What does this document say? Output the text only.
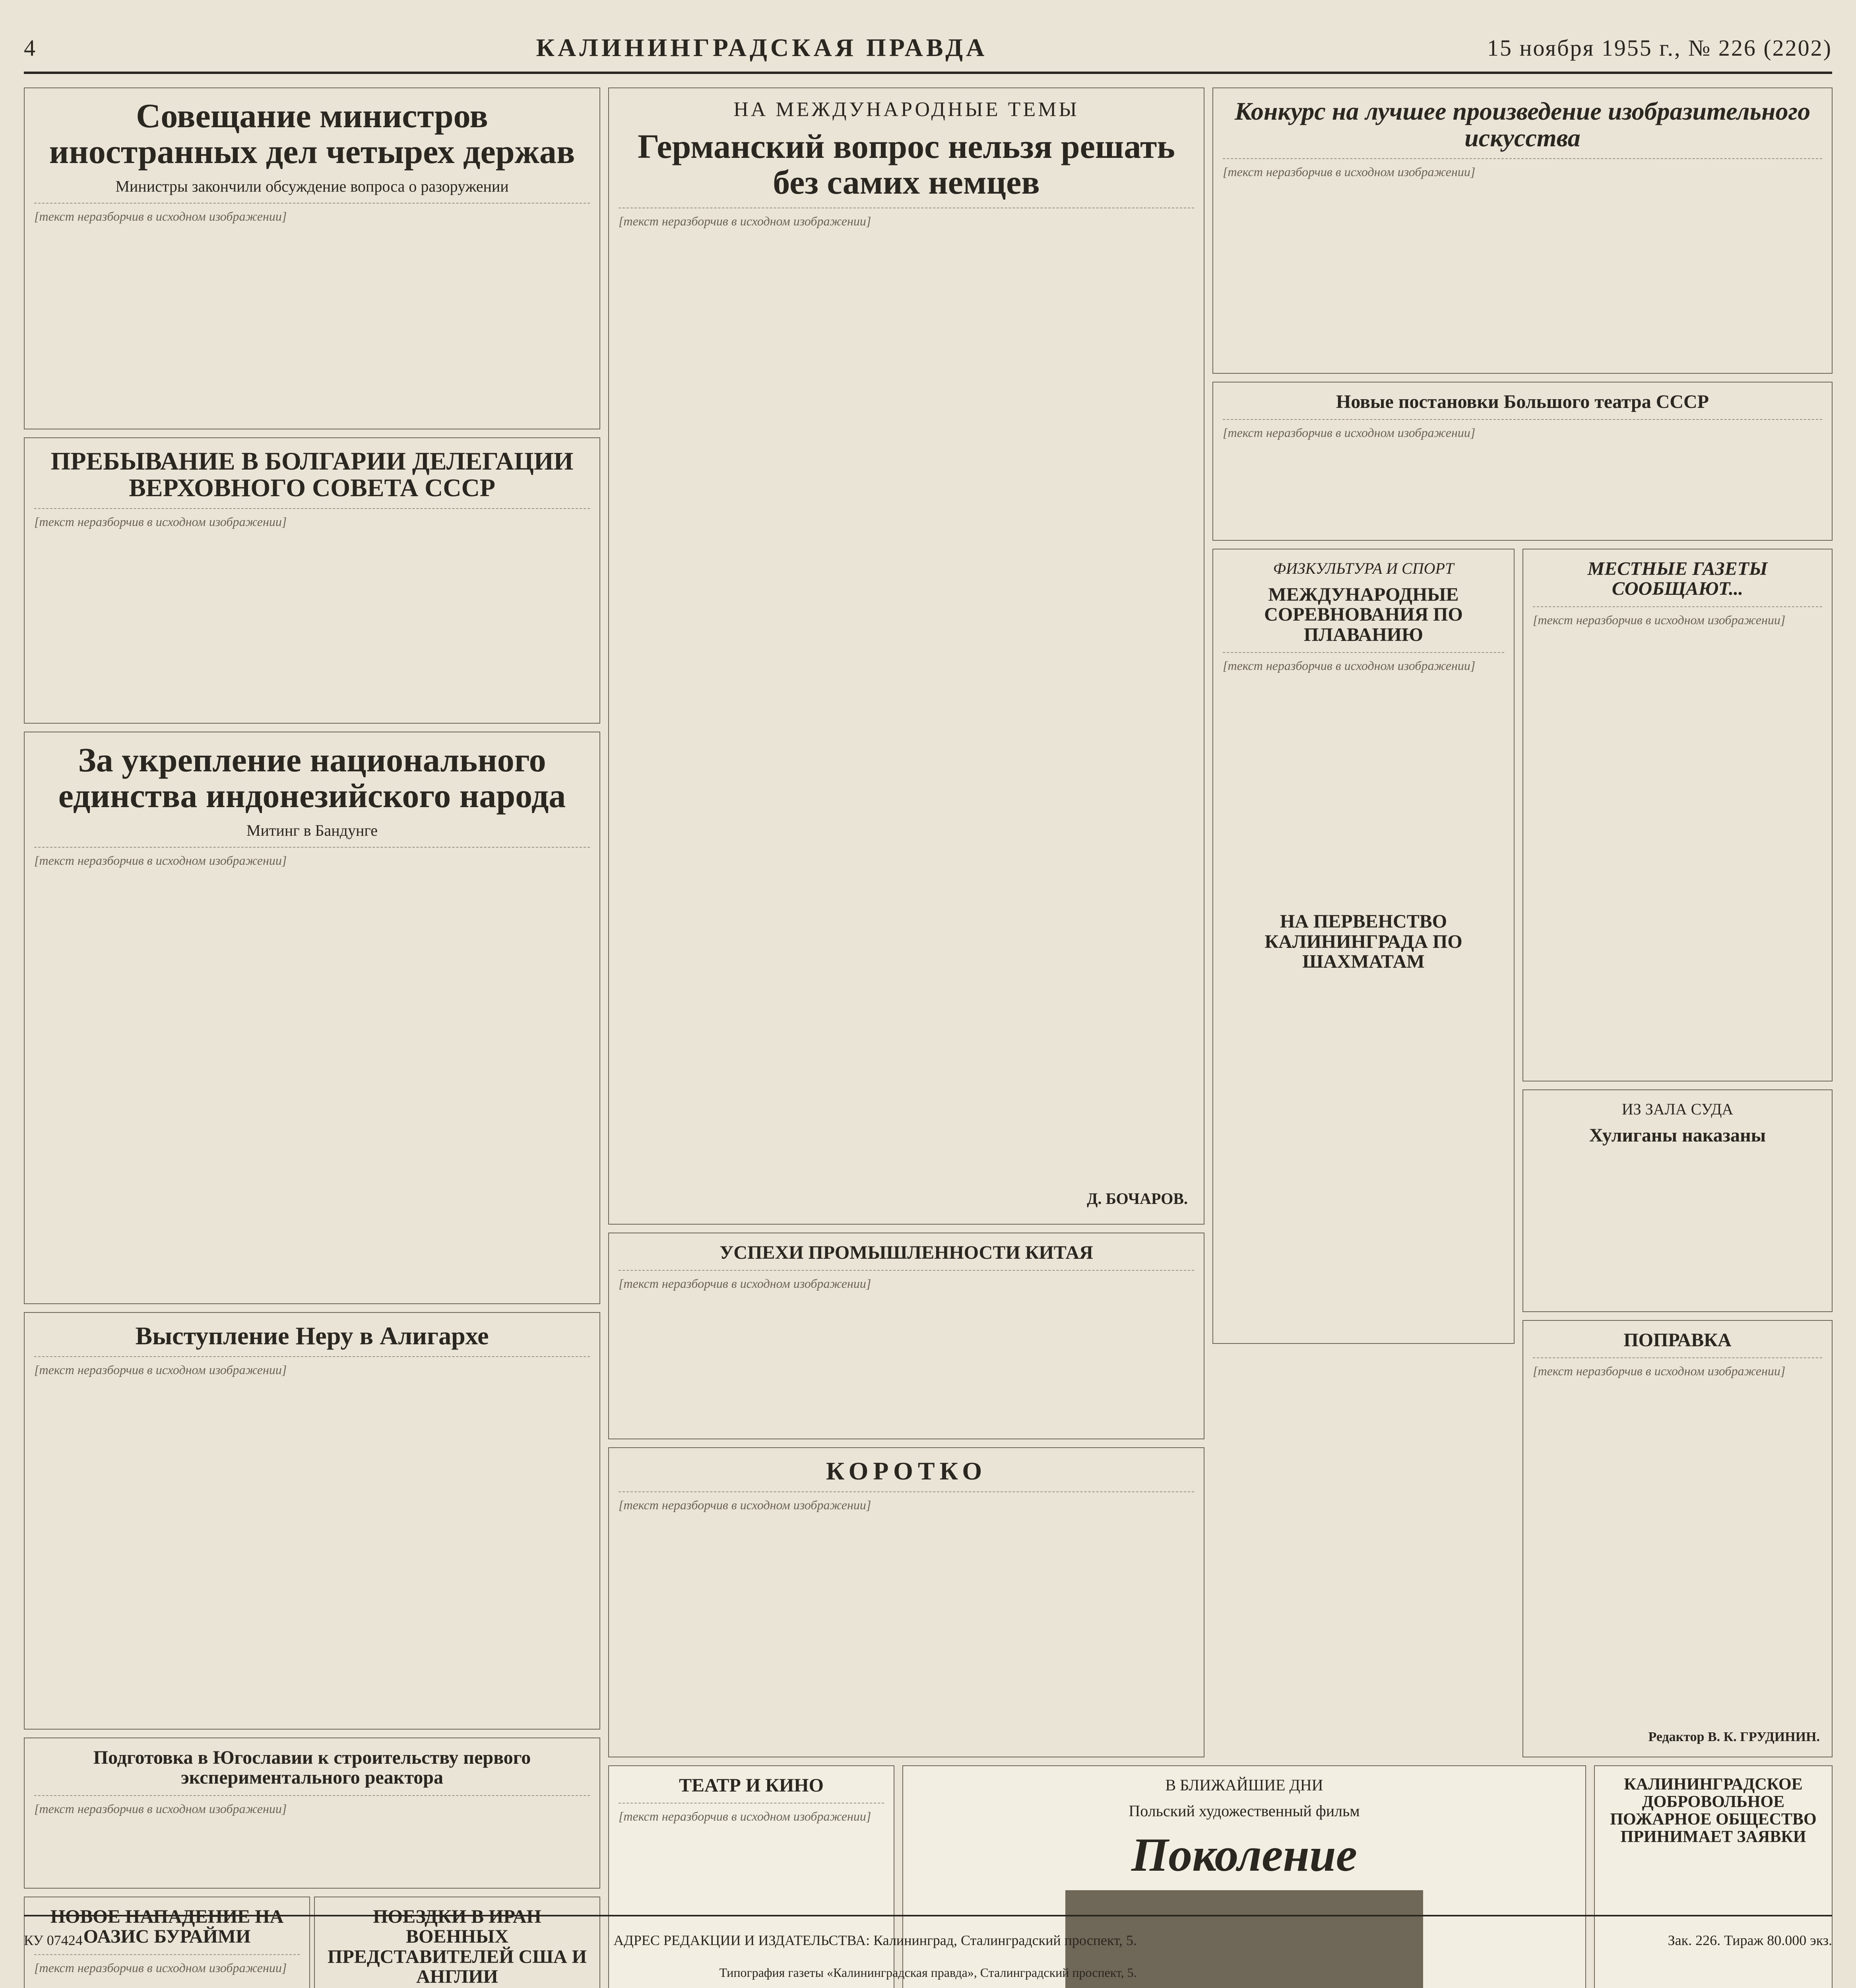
4	КАЛИНИНГРАДСКАЯ ПРАВДА	15 ноября 1955 г., № 226 (2202)
Совещание министров иностранных дел четырех держав
Министры закончили обсуждение вопроса о разоружении
[текст неразборчив в исходном изображении]
ПРЕБЫВАНИЕ В БОЛГАРИИ ДЕЛЕГАЦИИ ВЕРХОВНОГО СОВЕТА СССР
[текст неразборчив в исходном изображении]
За укрепление национального единства индонезийского народа
Митинг в Бандунге
[текст неразборчив в исходном изображении]
Выступление Неру в Алигархе
[текст неразборчив в исходном изображении]
Подготовка в Югославии к строительству первого экспериментального реактора
[текст неразборчив в исходном изображении]
НОВОЕ НАПАДЕНИЕ НА ОАЗИС БУРАЙМИ
[текст неразборчив в исходном изображении]
ПОЕЗДКИ В ИРАН ВОЕННЫХ ПРЕДСТАВИТЕЛЕЙ США И АНГЛИИ
НА МЕЖДУНАРОДНЫЕ ТЕМЫ
Германский вопрос нельзя решать без самих немцев
[текст неразборчив в исходном изображении]
Д. БОЧАРОВ.
УСПЕХИ ПРОМЫШЛЕННОСТИ КИТАЯ
[текст неразборчив в исходном изображении]
КОРОТКО
[текст неразборчив в исходном изображении]
ТЕАТР И КИНО
[текст неразборчив в исходном изображении]
В БЛИЖАЙШИЕ ДНИ
Польский художественный фильм
Поколение
Конкурс на лучшее произведение изобразительного искусства
[текст неразборчив в исходном изображении]
Новые постановки Большого театра СССР
[текст неразборчив в исходном изображении]
ФИЗКУЛЬТУРА И СПОРТ
МЕЖДУНАРОДНЫЕ СОРЕВНОВАНИЯ ПО ПЛАВАНИЮ
[текст неразборчив в исходном изображении]
НА ПЕРВЕНСТВО КАЛИНИНГРАДА ПО ШАХМАТАМ
МЕСТНЫЕ ГАЗЕТЫ СООБЩАЮТ...
[текст неразборчив в исходном изображении]
ИЗ ЗАЛА СУДА
Хулиганы наказаны
ПОПРАВКА
[текст неразборчив в исходном изображении]
Редактор В. К. ГРУДИНИН.
КАЛИНИНГРАДСКОЕ ДОБРОВОЛЬНОЕ ПОЖАРНОЕ ОБЩЕСТВО ПРИНИМАЕТ ЗАЯВКИ
КУ 07424	АДРЕС РЕДАКЦИИ И ИЗДАТЕЛЬСТВА: Калининград, Сталинградский проспект, 5.	Зак. 226. Тираж 80.000 экз.
Типография газеты «Калининградская правда», Сталинградский проспект, 5.
